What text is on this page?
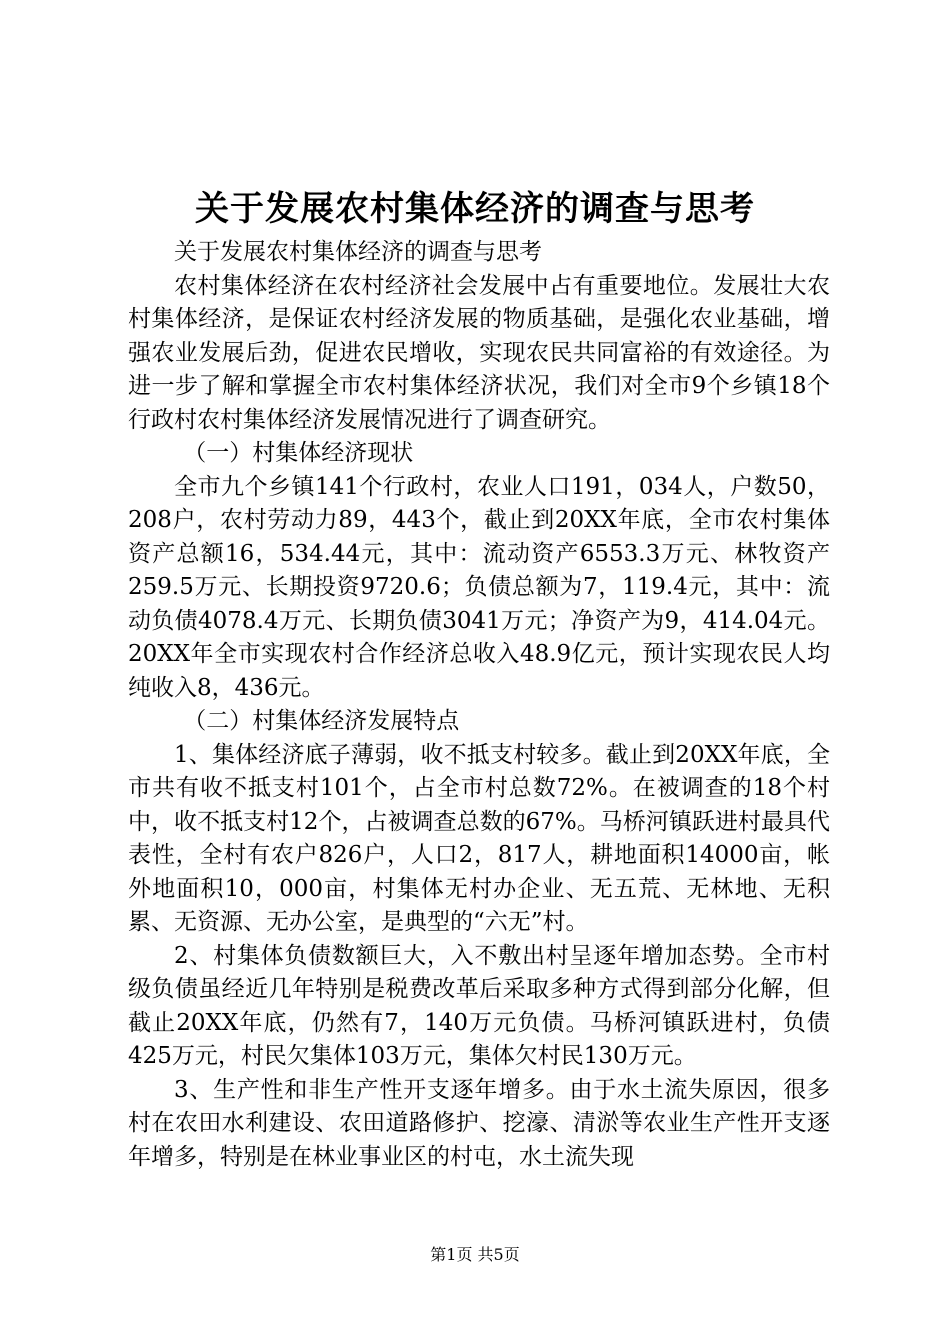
关于发展农村集体经济的调查与思考

关于发展农村集体经济的调查与思考

农村集体经济在农村经济社会发展中占有重要地位。发展壮大农村集体经济，是保证农村经济发展的物质基础，是强化农业基础，增强农业发展后劲，促进农民增收，实现农民共同富裕的有效途径。为进一步了解和掌握全市农村集体经济状况，我们对全市9个乡镇18个行政村农村集体经济发展情况进行了调查研究。

（一）村集体经济现状

全市九个乡镇141个行政村，农业人口191，034人，户数50，208户，农村劳动力89，443个，截止到20XX年底，全市农村集体资产总额16，534.44元，其中：流动资产6553.3万元、林牧资产259.5万元、长期投资9720.6；负债总额为7，119.4元，其中：流动负债4078.4万元、长期负债3041万元；净资产为9，414.04元。20XX年全市实现农村合作经济总收入48.9亿元，预计实现农民人均纯收入8，436元。

（二）村集体经济发展特点

1、集体经济底子薄弱，收不抵支村较多。截止到20XX年底，全市共有收不抵支村101个，占全市村总数72%。在被调查的18个村中，收不抵支村12个，占被调查总数的67%。马桥河镇跃进村最具代表性，全村有农户826户，人口2，817人，耕地面积14000亩，帐外地面积10，000亩，村集体无村办企业、无五荒、无林地、无积累、无资源、无办公室，是典型的“六无”村。

2、村集体负债数额巨大，入不敷出村呈逐年增加态势。全市村级负债虽经近几年特别是税费改革后采取多种方式得到部分化解，但截止20XX年底，仍然有7，140万元负债。马桥河镇跃进村，负债425万元，村民欠集体103万元，集体欠村民130万元。

3、生产性和非生产性开支逐年增多。由于水土流失原因，很多村在农田水利建设、农田道路修护、挖濠、清淤等农业生产性开支逐年增多，特别是在林业事业区的村屯，水土流失现

第1页 共5页
